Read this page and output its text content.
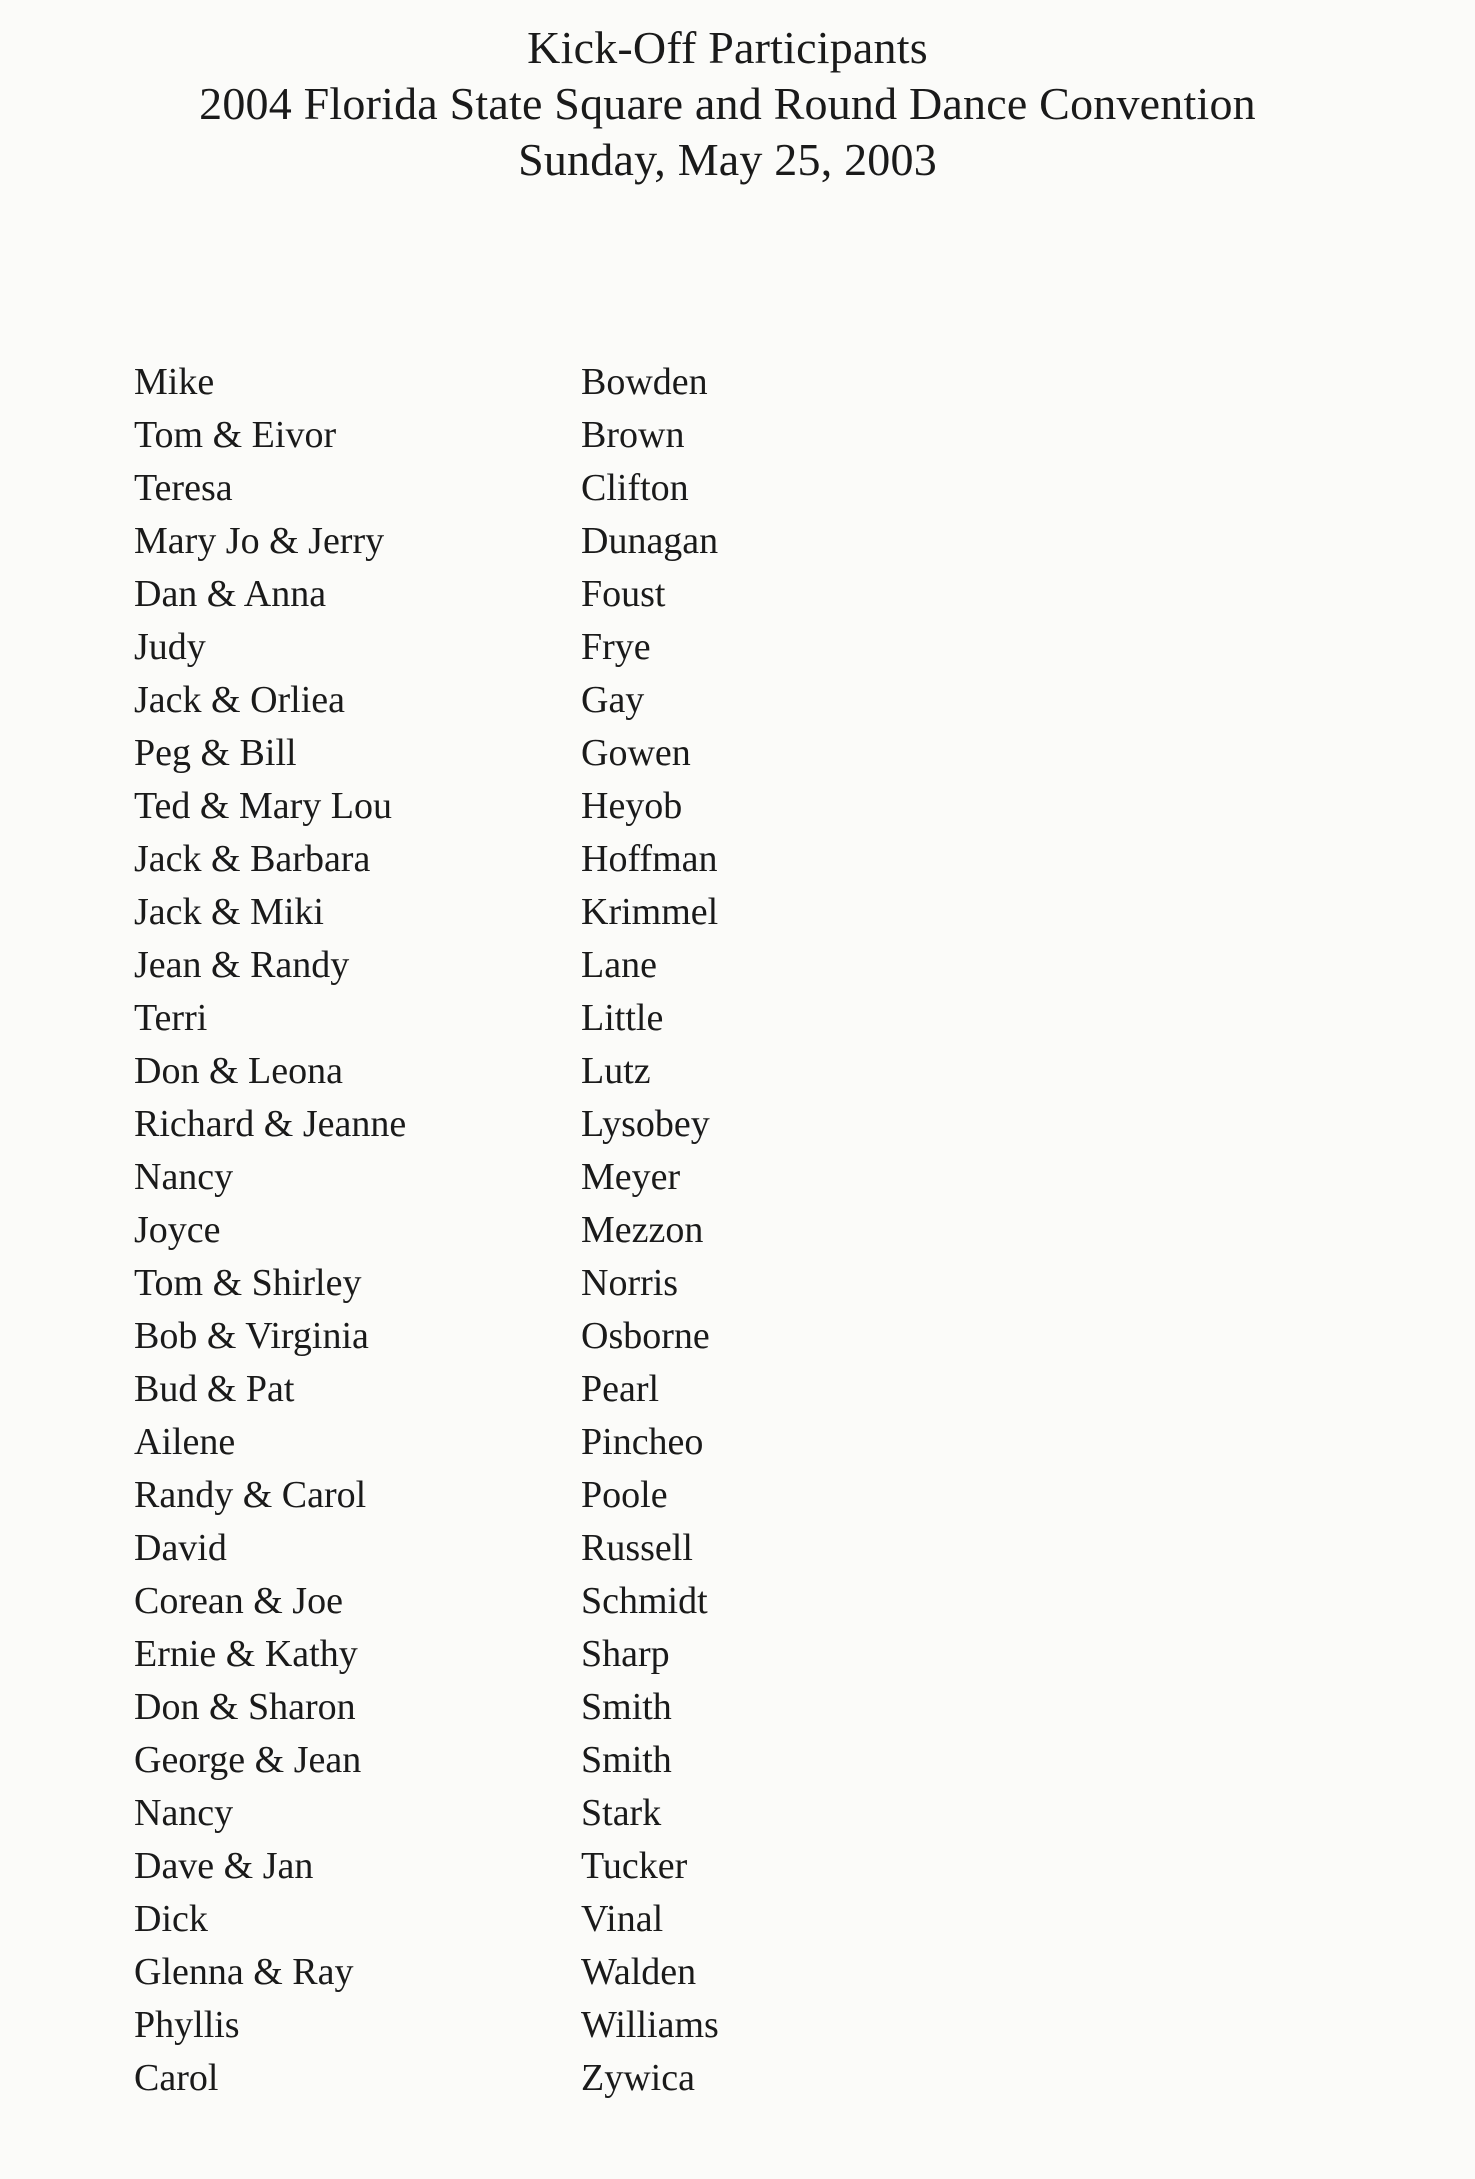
Kick-Off Participants
2004 Florida State Square and Round Dance Convention
Sunday, May 25, 2003
Mike	Bowden
Tom & Eivor	Brown
Teresa	Clifton
Mary Jo & Jerry	Dunagan
Dan & Anna	Foust
Judy	Frye
Jack & Orliea	Gay
Peg & Bill	Gowen
Ted & Mary Lou	Heyob
Jack & Barbara	Hoffman
Jack & Miki	Krimmel
Jean & Randy	Lane
Terri	Little
Don & Leona	Lutz
Richard & Jeanne	Lysobey
Nancy	Meyer
Joyce	Mezzon
Tom & Shirley	Norris
Bob & Virginia	Osborne
Bud & Pat	Pearl
Ailene	Pincheo
Randy & Carol	Poole
David	Russell
Corean & Joe	Schmidt
Ernie & Kathy	Sharp
Don & Sharon	Smith
George & Jean	Smith
Nancy	Stark
Dave & Jan	Tucker
Dick	Vinal
Glenna & Ray	Walden
Phyllis	Williams
Carol	Zywica
